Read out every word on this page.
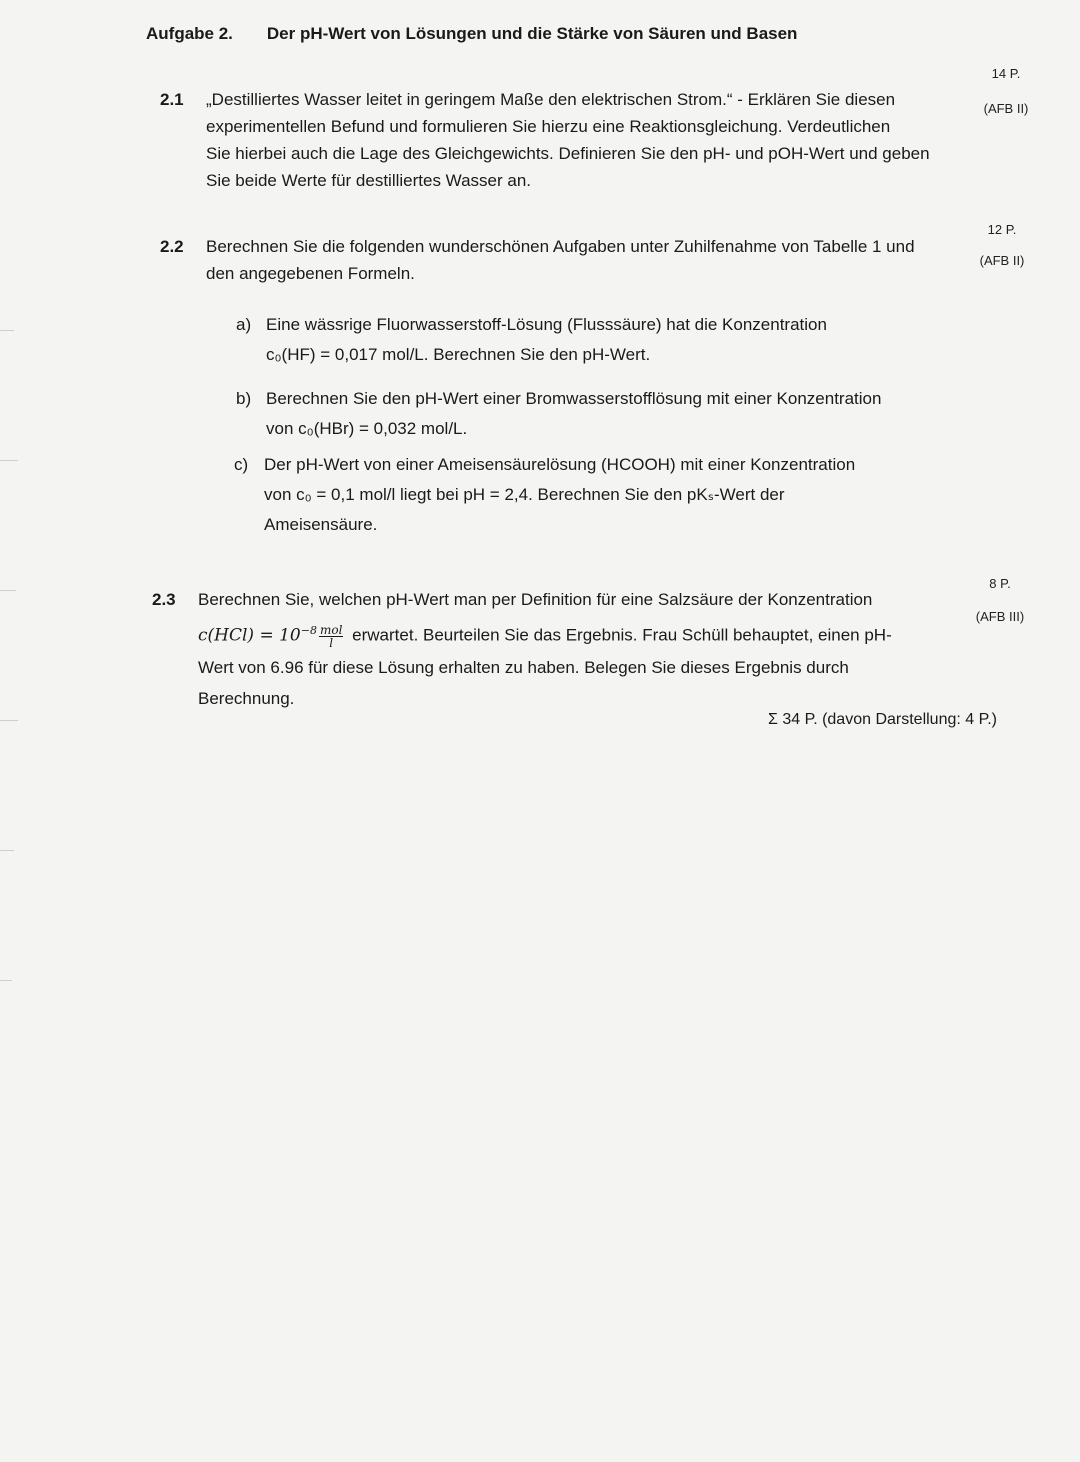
Aufgabe 2. Der pH-Wert von Lösungen und die Stärke von Säuren und Basen
2.1 „Destilliertes Wasser leitet in geringem Maße den elektrischen Strom.“ - Erklären Sie diesen
experimentellen Befund und formulieren Sie hierzu eine Reaktionsgleichung. Verdeutlichen
Sie hierbei auch die Lage des Gleichgewichts. Definieren Sie den pH- und pOH-Wert und geben
Sie beide Werte für destilliertes Wasser an.
14 P.
(AFB II)
2.2 Berechnen Sie die folgenden wunderschönen Aufgaben unter Zuhilfenahme von Tabelle 1 und
den angegebenen Formeln.
12 P.
(AFB II)
a) Eine wässrige Fluorwasserstoff-Lösung (Flusssäure) hat die Konzentration
c₀(HF) = 0,017 mol/L. Berechnen Sie den pH-Wert.
b) Berechnen Sie den pH-Wert einer Bromwasserstofflösung mit einer Konzentration
von c₀(HBr) = 0,032 mol/L.
c) Der pH-Wert von einer Ameisensäurelösung (HCOOH) mit einer Konzentration
von c₀ = 0,1 mol/l liegt bei pH = 2,4. Berechnen Sie den pKₛ-Wert der
Ameisensäure.
2.3 Berechnen Sie, welchen pH-Wert man per Definition für eine Salzsäure der Konzentration
$c(HCl) = 10^{-8} \frac{\text{mol}}{l}$ erwartet. Beurteilen Sie das Ergebnis. Frau Schüll behauptet, einen pH-
Wert von 6.96 für diese Lösung erhalten zu haben. Belegen Sie dieses Ergebnis durch
Berechnung.
8 P.
(AFB III)
Σ 34 P. (davon Darstellung: 4 P.)
